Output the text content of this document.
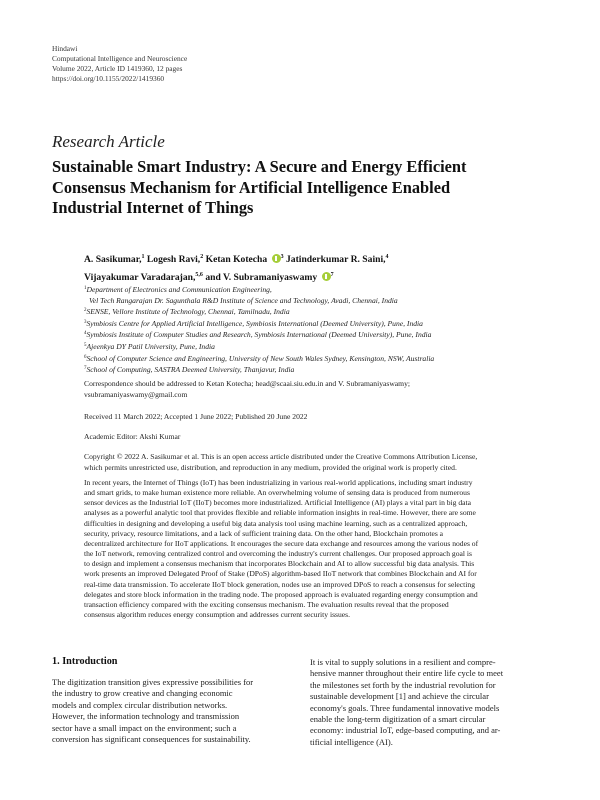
Hindawi
Computational Intelligence and Neuroscience
Volume 2022, Article ID 1419360, 12 pages
https://doi.org/10.1155/2022/1419360
Research Article
Sustainable Smart Industry: A Secure and Energy Efficient
Consensus Mechanism for Artificial Intelligence Enabled
Industrial Internet of Things
A. Sasikumar,$^1$ Logesh Ravi,$^2$ Ketan Kotecha $^3$ Jatinderkumar R. Saini,$^4$
Vijayakumar Varadarajan,$^{5,6}$ and V. Subramaniyaswamy $^7$
$^1$Department of Electronics and Communication Engineering,
Vel Tech Rangarajan Dr. Sagunthala R&D Institute of Science and Technology, Avadi, Chennai, India
$^2$SENSE, Vellore Institute of Technology, Chennai, Tamilnadu, India
$^3$Symbiosis Centre for Applied Artificial Intelligence, Symbiosis International (Deemed University), Pune, India
$^4$Symbiosis Institute of Computer Studies and Research, Symbiosis International (Deemed University), Pune, India
$^5$Ajeenkya DY Patil University, Pune, India
$^6$School of Computer Science and Engineering, University of New South Wales Sydney, Kensington, NSW, Australia
$^7$School of Computing, SASTRA Deemed University, Thanjavur, India
Correspondence should be addressed to Ketan Kotecha; head@scaai.siu.edu.in and V. Subramaniyaswamy;
vsubramaniyaswamy@gmail.com
Received 11 March 2022; Accepted 1 June 2022; Published 20 June 2022
Academic Editor: Akshi Kumar
Copyright © 2022 A. Sasikumar et al. This is an open access article distributed under the Creative Commons Attribution License,
which permits unrestricted use, distribution, and reproduction in any medium, provided the original work is properly cited.
In recent years, the Internet of Things (IoT) has been industrializing in various real-world applications, including smart industry
and smart grids, to make human existence more reliable. An overwhelming volume of sensing data is produced from numerous
sensor devices as the Industrial IoT (IIoT) becomes more industrialized. Artificial Intelligence (AI) plays a vital part in big data
analyses as a powerful analytic tool that provides flexible and reliable information insights in real-time. However, there are some
difficulties in designing and developing a useful big data analysis tool using machine learning, such as a centralized approach,
security, privacy, resource limitations, and a lack of sufficient training data. On the other hand, Blockchain promotes a
decentralized architecture for IIoT applications. It encourages the secure data exchange and resources among the various nodes of
the IoT network, removing centralized control and overcoming the industry's current challenges. Our proposed approach goal is
to design and implement a consensus mechanism that incorporates Blockchain and AI to allow successful big data analysis. This
work presents an improved Delegated Proof of Stake (DPoS) algorithm-based IIoT network that combines Blockchain and AI for
real-time data transmission. To accelerate IIoT block generation, nodes use an improved DPoS to reach a consensus for selecting
delegates and store block information in the trading node. The proposed approach is evaluated regarding energy consumption and
transaction efficiency compared with the exciting consensus mechanism. The evaluation results reveal that the proposed
consensus algorithm reduces energy consumption and addresses current security issues.
1. Introduction
The digitization transition gives expressive possibilities for
the industry to grow creative and changing economic
models and complex circular distribution networks.
However, the information technology and transmission
sector have a small impact on the environment; such a
conversion has significant consequences for sustainability.
It is vital to supply solutions in a resilient and compre-
hensive manner throughout their entire life cycle to meet
the milestones set forth by the industrial revolution for
sustainable development [1] and achieve the circular
economy's goals. Three fundamental innovative models
enable the long-term digitization of a smart circular
economy: industrial IoT, edge-based computing, and ar-
tificial intelligence (AI).
